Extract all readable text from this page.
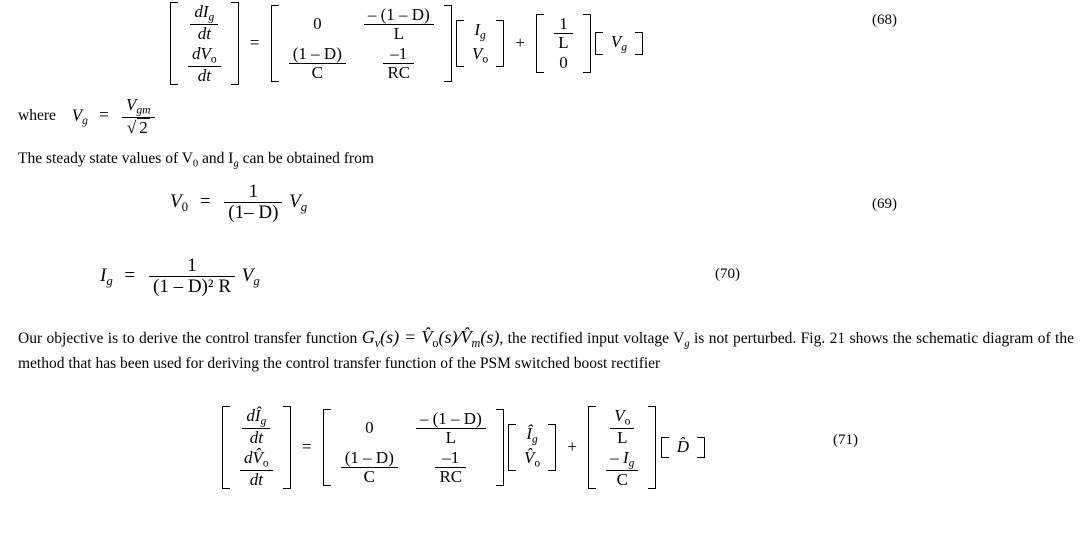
$\frac{dI_g}{dt}$

$\frac{dV_o}{dt}$
=
0	$\frac{- (1 - D)}{L}$

$\frac{(1 - D)}{C}$	$\frac{-1}{RC}$

$I_g$
$V_o$
+ $\frac{1}{L}$

0

$V_g$
(68)
where $V_g = \frac{V_{gm}}{√ 2}$
The steady state values of $V_0$ and $I_g$ can be obtained from
$V_0 = \frac{1}{(1- D)} V_g$	(69)
$I_g = \frac{1}{\text{(1 – D)² R}} V_g$	(70)
Our objective is to derive the control transfer function $G_v(s)$ = $V̂_o(s)⁄V̂_m(s)$, the rectified input voltage $V_g$ is not perturbed. Fig. 21 shows the schematic diagram of the method that has been used for deriving the control transfer function of the PSM switched boost rectifier
$\frac{dÎ_g}{dt}$

$\frac{dV̂_o}{dt}$
=
0	$\frac{- (1 - D)}{L}$

$\frac{(1 - D)}{C}$	$\frac{-1}{RC}$

$Î_g$
$V̂_o$
+ $\frac{V_o}{L}$

$\frac{- I_g}{C}$

D̂	(71)
